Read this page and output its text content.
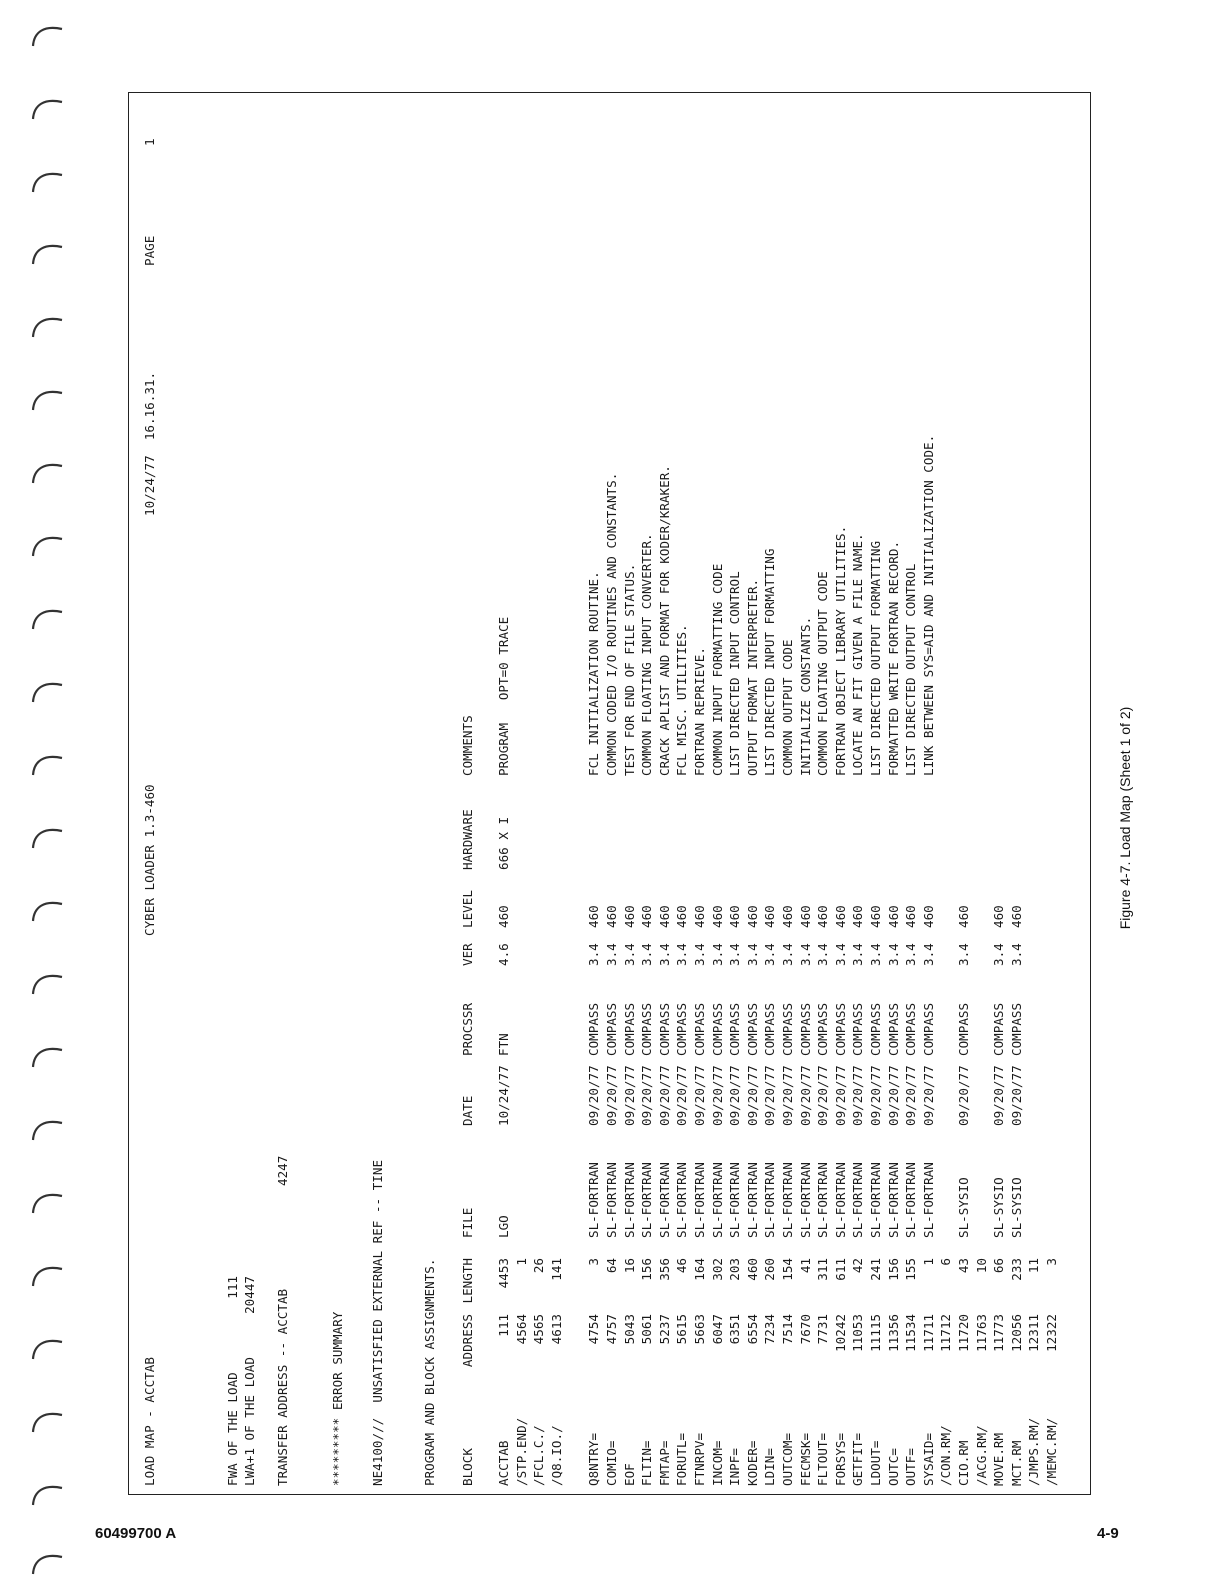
LOAD MAP - ACCTAB
CYBER LOADER 1.3-460
10/24/77  16.16.31.
PAGE
1
FWA OF THE LOAD
111
LWA+1 OF THE LOAD
20447 TRANSFER ADDRESS -- ACCTAB
4247
********* ERROR SUMMARY NE4100///  UNSATISFIED EXTERNAL REF -- TINE	PROGRAM AND BLOCK ASSIGNMENTS. BLOCK
ADDRESS
LENGTH
FILE
DATE
PROCSSR
VER
LEVEL
HARDWARE
COMMENTS
ACCTAB
111
4453
LGO
10/24/77
FTN
4.6
460
666 X I
PROGRAM   OPT=0 TRACE
/STP.END/
4564
1
/FCL.C./
4565
26
/Q8.IO./
4613
141
Q8NTRY=
4754
3
SL-FORTRAN
09/20/77
COMPASS
3.4
460
FCL INITIALIZATION ROUTINE.
COMIO=
4757
64
SL-FORTRAN
09/20/77
COMPASS
3.4
460
COMMON CODED I/O ROUTINES AND CONSTANTS.
EOF
5043
16
SL-FORTRAN
09/20/77
COMPASS
3.4
460
TEST FOR END OF FILE STATUS.
FLTIN=
5061
156
SL-FORTRAN
09/20/77
COMPASS
3.4
460
COMMON FLOATING INPUT CONVERTER.
FMTAP=
5237
356
SL-FORTRAN
09/20/77
COMPASS
3.4
460
CRACK APLIST AND FORMAT FOR KODER/KRAKER.
FORUTL=
5615
46
SL-FORTRAN
09/20/77
COMPASS
3.4
460
FCL MISC. UTILITIES.
FTNRPV=
5663
164
SL-FORTRAN
09/20/77
COMPASS
3.4
460
FORTRAN REPRIEVE.
INCOM=
6047
302
SL-FORTRAN
09/20/77
COMPASS
3.4
460
COMMON INPUT FORMATTING CODE
INPF=
6351
203
SL-FORTRAN
09/20/77
COMPASS
3.4
460
LIST DIRECTED INPUT CONTROL
KODER=
6554
460
SL-FORTRAN
09/20/77
COMPASS
3.4
460
OUTPUT FORMAT INTERPRETER.
LDIN=
7234
260
SL-FORTRAN
09/20/77
COMPASS
3.4
460
LIST DIRECTED INPUT FORMATTING
OUTCOM=
7514
154
SL-FORTRAN
09/20/77
COMPASS
3.4
460
COMMON OUTPUT CODE
FECMSK=
7670
41
SL-FORTRAN
09/20/77
COMPASS
3.4
460
INITIALIZE CONSTANTS.
FLTOUT=
7731
311
SL-FORTRAN
09/20/77
COMPASS
3.4
460
COMMON FLOATING OUTPUT CODE
FORSYS=
10242
611
SL-FORTRAN
09/20/77
COMPASS
3.4
460
FORTRAN OBJECT LIBRARY UTILITIES.
GETFIT=
11053
42
SL-FORTRAN
09/20/77
COMPASS
3.4
460
LOCATE AN FIT GIVEN A FILE NAME.
LDOUT=
11115
241
SL-FORTRAN
09/20/77
COMPASS
3.4
460
LIST DIRECTED OUTPUT FORMATTING
OUTC=
11356
156
SL-FORTRAN
09/20/77
COMPASS
3.4
460
FORMATTED WRITE FORTRAN RECORD.
OUTF=
11534
155
SL-FORTRAN
09/20/77
COMPASS
3.4
460
LIST DIRECTED OUTPUT CONTROL
SYSAID=
11711
1
SL-FORTRAN
09/20/77
COMPASS
3.4
460
LINK BETWEEN SYS=AID AND INITIALIZATION CODE.
/CON.RM/
11712
6
CIO.RM
11720
43
SL-SYSIO
09/20/77
COMPASS
3.4
460
/ACG.RM/
11763
10
MOVE.RM
11773
66
SL-SYSIO
09/20/77
COMPASS
3.4
460
MCT.RM
12056
233
SL-SYSIO
09/20/77
COMPASS
3.4
460
/JMPS.RM/
12311
11
/MEMC.RM/
12322
3
Figure 4-7. Load Map (Sheet 1 of 2)
60499700 A	4-9
